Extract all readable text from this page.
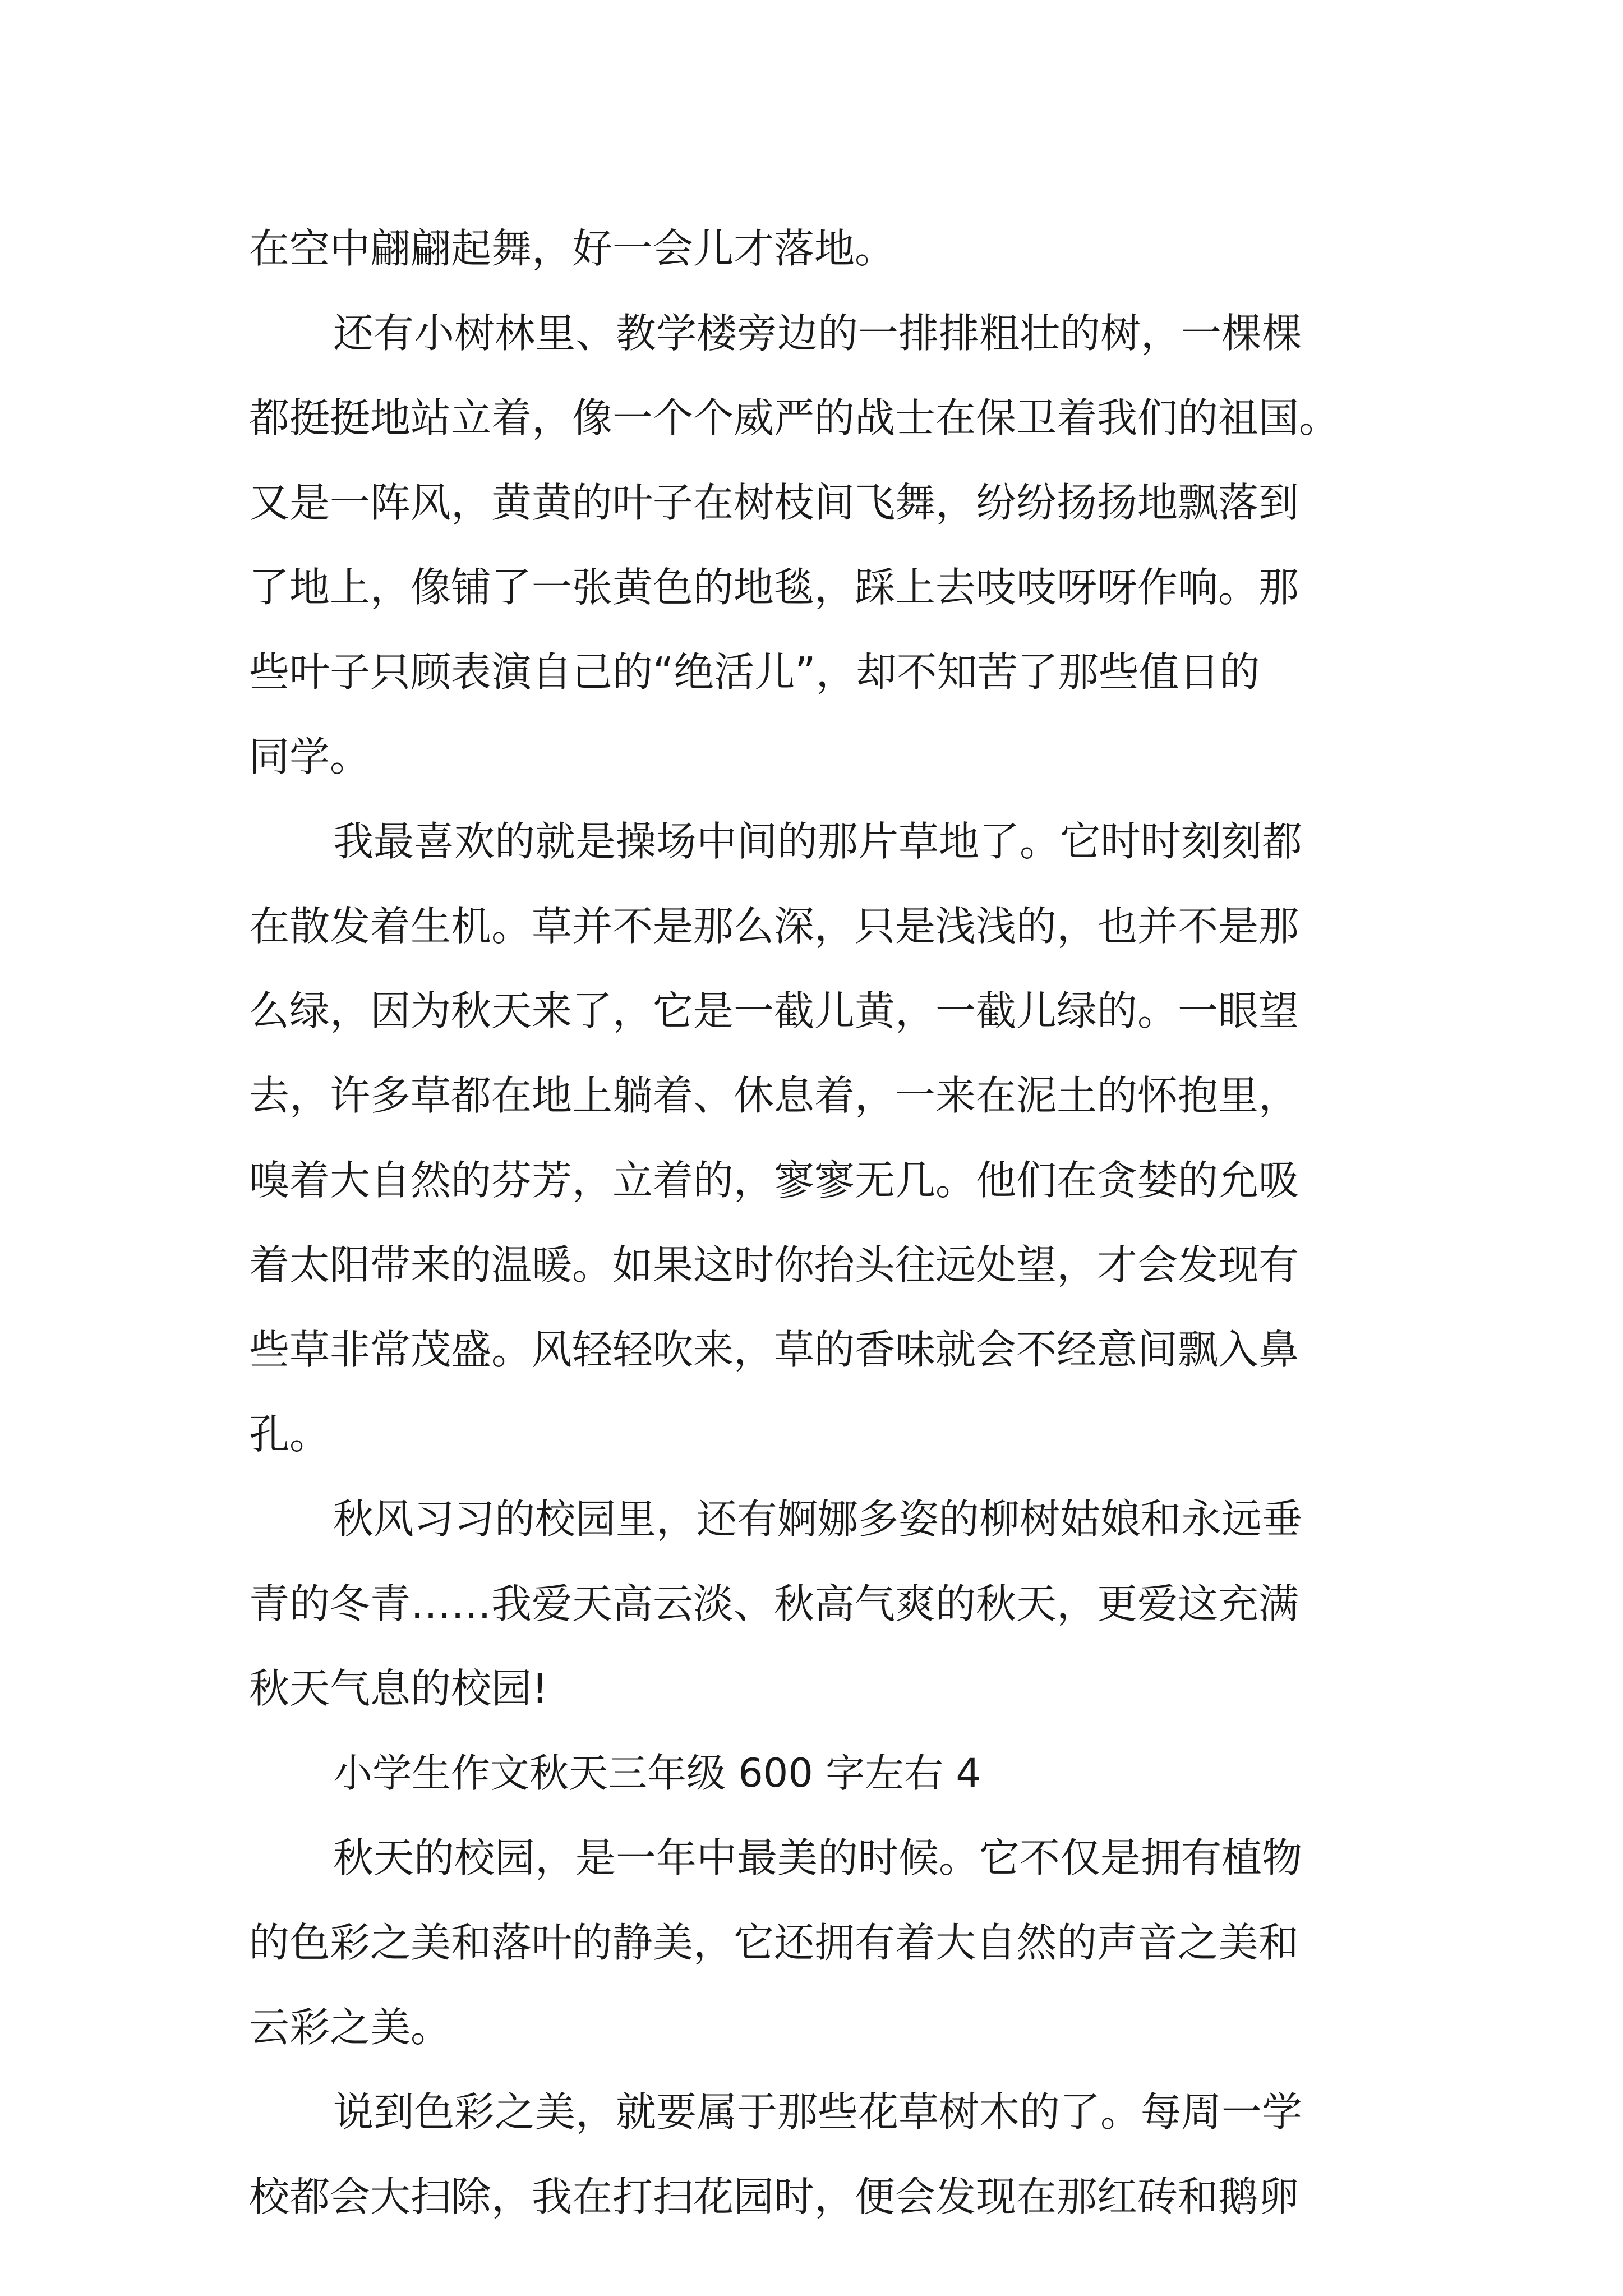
在空中翩翩起舞，好一会儿才落地。
还有小树林里、教学楼旁边的一排排粗壮的树，一棵棵
都挺挺地站立着，像一个个威严的战士在保卫着我们的祖国。
又是一阵风，黄黄的叶子在树枝间飞舞，纷纷扬扬地飘落到
了地上，像铺了一张黄色的地毯，踩上去吱吱呀呀作响。那
些叶子只顾表演自己的“绝活儿”，却不知苦了那些值日的
同学。
我最喜欢的就是操场中间的那片草地了。它时时刻刻都
在散发着生机。草并不是那么深，只是浅浅的，也并不是那
么绿，因为秋天来了，它是一截儿黄，一截儿绿的。一眼望
去，许多草都在地上躺着、休息着，一来在泥土的怀抱里，
嗅着大自然的芬芳，立着的，寥寥无几。他们在贪婪的允吸
着太阳带来的温暖。如果这时你抬头往远处望，才会发现有
些草非常茂盛。风轻轻吹来，草的香味就会不经意间飘入鼻
孔。
秋风习习的校园里，还有婀娜多姿的柳树姑娘和永远垂
青的冬青……我爱天高云淡、秋高气爽的秋天，更爱这充满
秋天气息的校园!
小学生作文秋天三年级 600 字左右 4
秋天的校园，是一年中最美的时候。它不仅是拥有植物
的色彩之美和落叶的静美，它还拥有着大自然的声音之美和
云彩之美。
说到色彩之美，就要属于那些花草树木的了。每周一学
校都会大扫除，我在打扫花园时，便会发现在那红砖和鹅卵
